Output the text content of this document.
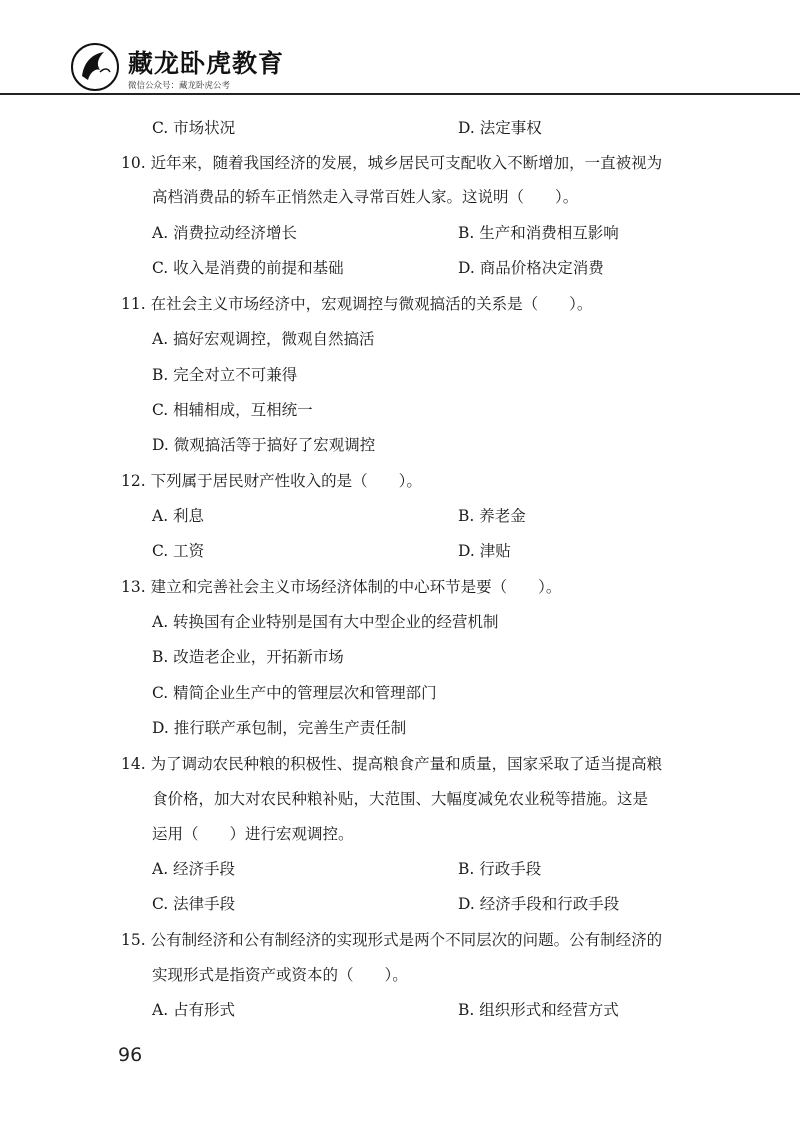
藏龙卧虎教育
微信公众号：藏龙卧虎公考
C. 市场状况	D. 法定事权
10. 近年来，随着我国经济的发展，城乡居民可支配收入不断增加，一直被视为
高档消费品的轿车正悄然走入寻常百姓人家。这说明（　　）。
A. 消费拉动经济增长	B. 生产和消费相互影响
C. 收入是消费的前提和基础	D. 商品价格决定消费
11. 在社会主义市场经济中，宏观调控与微观搞活的关系是（　　）。
A. 搞好宏观调控，微观自然搞活
B. 完全对立不可兼得
C. 相辅相成，互相统一
D. 微观搞活等于搞好了宏观调控
12. 下列属于居民财产性收入的是（　　）。
A. 利息	B. 养老金
C. 工资	D. 津贴
13. 建立和完善社会主义市场经济体制的中心环节是要（　　）。
A. 转换国有企业特别是国有大中型企业的经营机制
B. 改造老企业，开拓新市场
C. 精简企业生产中的管理层次和管理部门
D. 推行联产承包制，完善生产责任制
14. 为了调动农民种粮的积极性、提高粮食产量和质量，国家采取了适当提高粮
食价格，加大对农民种粮补贴，大范围、大幅度减免农业税等措施。这是
运用（　　）进行宏观调控。
A. 经济手段	B. 行政手段
C. 法律手段	D. 经济手段和行政手段
15. 公有制经济和公有制经济的实现形式是两个不同层次的问题。公有制经济的
实现形式是指资产或资本的（　　）。
A. 占有形式	B. 组织形式和经营方式
96
